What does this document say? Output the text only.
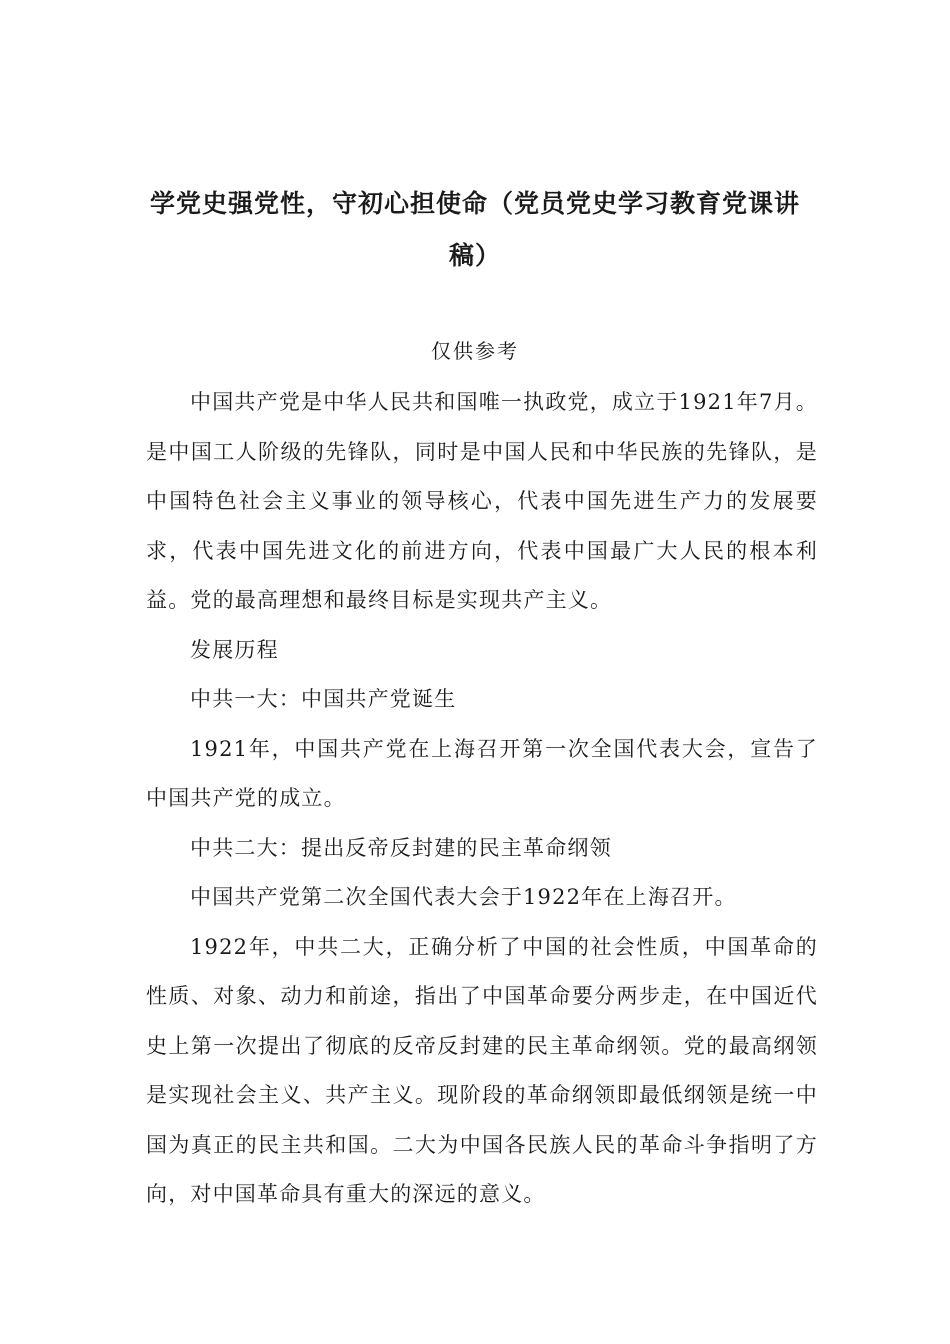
学党史强党性，守初心担使命（党员党史学习教育党课讲稿）
仅供参考

中国共产党是中华人民共和国唯一执政党，成立于1921年7月。是中国工人阶级的先锋队，同时是中国人民和中华民族的先锋队，是中国特色社会主义事业的领导核心，代表中国先进生产力的发展要求，代表中国先进文化的前进方向，代表中国最广大人民的根本利益。党的最高理想和最终目标是实现共产主义。

发展历程

中共一大：中国共产党诞生

1921年，中国共产党在上海召开第一次全国代表大会，宣告了中国共产党的成立。

中共二大：提出反帝反封建的民主革命纲领

中国共产党第二次全国代表大会于1922年在上海召开。

1922年，中共二大，正确分析了中国的社会性质，中国革命的性质、对象、动力和前途，指出了中国革命要分两步走，在中国近代史上第一次提出了彻底的反帝反封建的民主革命纲领。党的最高纲领是实现社会主义、共产主义。现阶段的革命纲领即最低纲领是统一中国为真正的民主共和国。二大为中国各民族人民的革命斗争指明了方向，对中国革命具有重大的深远的意义。
